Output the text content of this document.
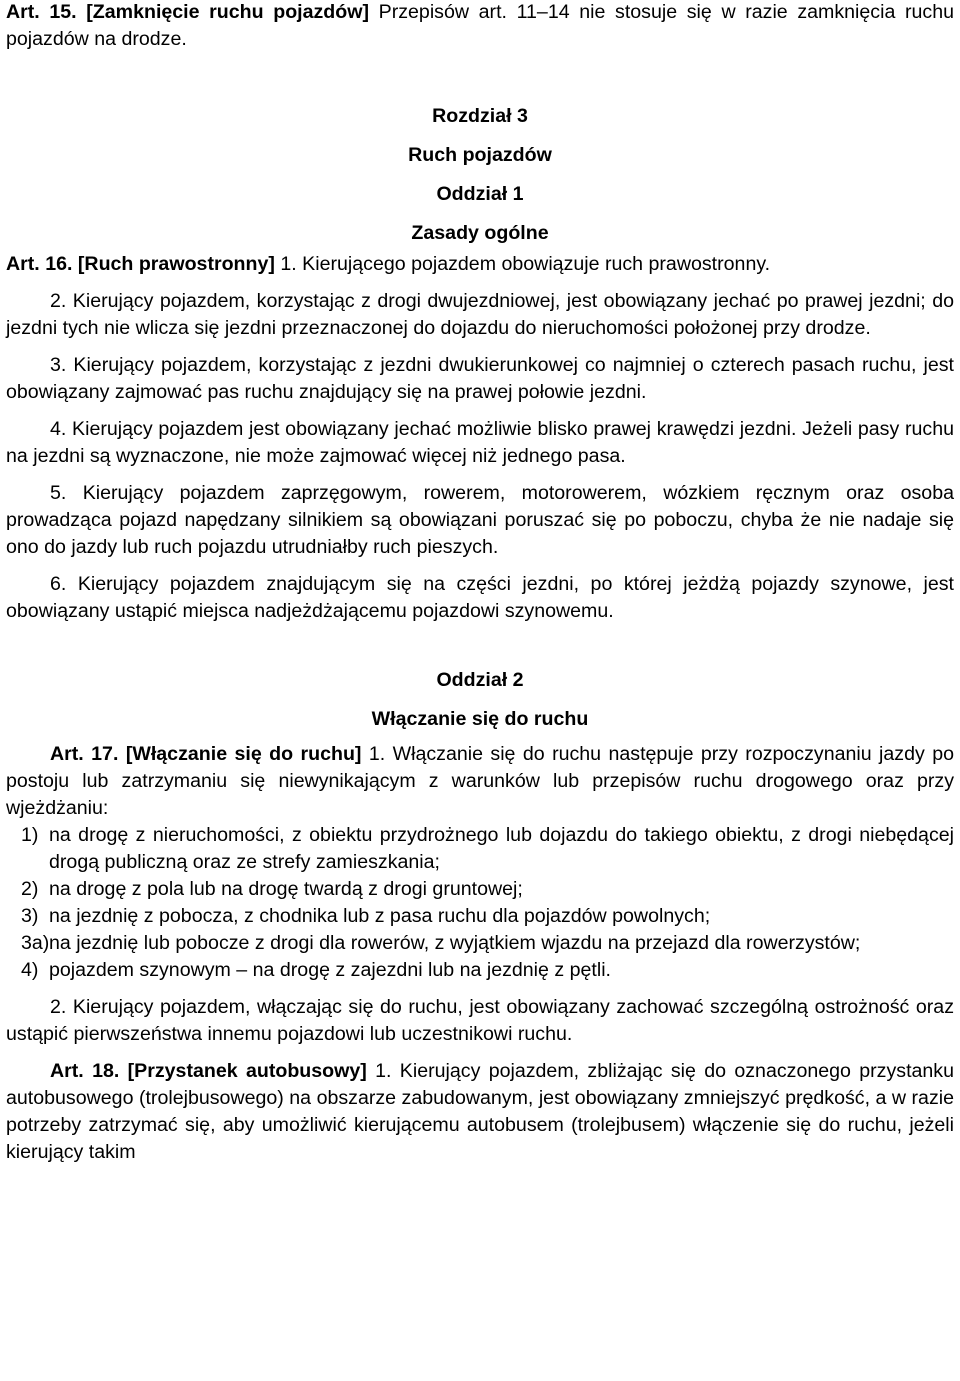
Art. 15. [Zamknięcie ruchu pojazdów] Przepisów art. 11–14 nie stosuje się w razie zamknięcia ruchu pojazdów na drodze.

Rozdział 3

Ruch pojazdów

Oddział 1

Zasady ogólne

Art. 16. [Ruch prawostronny] 1. Kierującego pojazdem obowiązuje ruch prawostronny.

2. Kierujący pojazdem, korzystając z drogi dwujezdniowej, jest obowiązany jechać po prawej jezdni; do jezdni tych nie wlicza się jezdni przeznaczonej do dojazdu do nieruchomości położonej przy drodze.

3. Kierujący pojazdem, korzystając z jezdni dwukierunkowej co najmniej o czterech pasach ruchu, jest obowiązany zajmować pas ruchu znajdujący się na prawej połowie jezdni.

4. Kierujący pojazdem jest obowiązany jechać możliwie blisko prawej krawędzi jezdni. Jeżeli pasy ruchu na jezdni są wyznaczone, nie może zajmować więcej niż jednego pasa.

5. Kierujący pojazdem zaprzęgowym, rowerem, motorowerem, wózkiem ręcznym oraz osoba prowadząca pojazd napędzany silnikiem są obowiązani poruszać się po poboczu, chyba że nie nadaje się ono do jazdy lub ruch pojazdu utrudniałby ruch pieszych.

6. Kierujący pojazdem znajdującym się na części jezdni, po której jeżdżą pojazdy szynowe, jest obowiązany ustąpić miejsca nadjeżdżającemu pojazdowi szynowemu.

Oddział 2

Włączanie się do ruchu

Art. 17. [Włączanie się do ruchu] 1. Włączanie się do ruchu następuje przy rozpoczynaniu jazdy po postoju lub zatrzymaniu się niewynikającym z warunków lub przepisów ruchu drogowego oraz przy wjeżdżaniu:

1) na drogę z nieruchomości, z obiektu przydrożnego lub dojazdu do takiego obiektu, z drogi niebędącej drogą publiczną oraz ze strefy zamieszkania;
2) na drogę z pola lub na drogę twardą z drogi gruntowej;
3) na jezdnię z pobocza, z chodnika lub z pasa ruchu dla pojazdów powolnych;
3a) na jezdnię lub pobocze z drogi dla rowerów, z wyjątkiem wjazdu na przejazd dla rowerzystów;
4) pojazdem szynowym – na drogę z zajezdni lub na jezdnię z pętli.

2. Kierujący pojazdem, włączając się do ruchu, jest obowiązany zachować szczególną ostrożność oraz ustąpić pierwszeństwa innemu pojazdowi lub uczestnikowi ruchu.

Art. 18. [Przystanek autobusowy] 1. Kierujący pojazdem, zbliżając się do oznaczonego przystanku autobusowego (trolejbusowego) na obszarze zabudowanym, jest obowiązany zmniejszyć prędkość, a w razie potrzeby zatrzymać się, aby umożliwić kierującemu autobusem (trolejbusem) włączenie się do ruchu, jeżeli kierujący takim
